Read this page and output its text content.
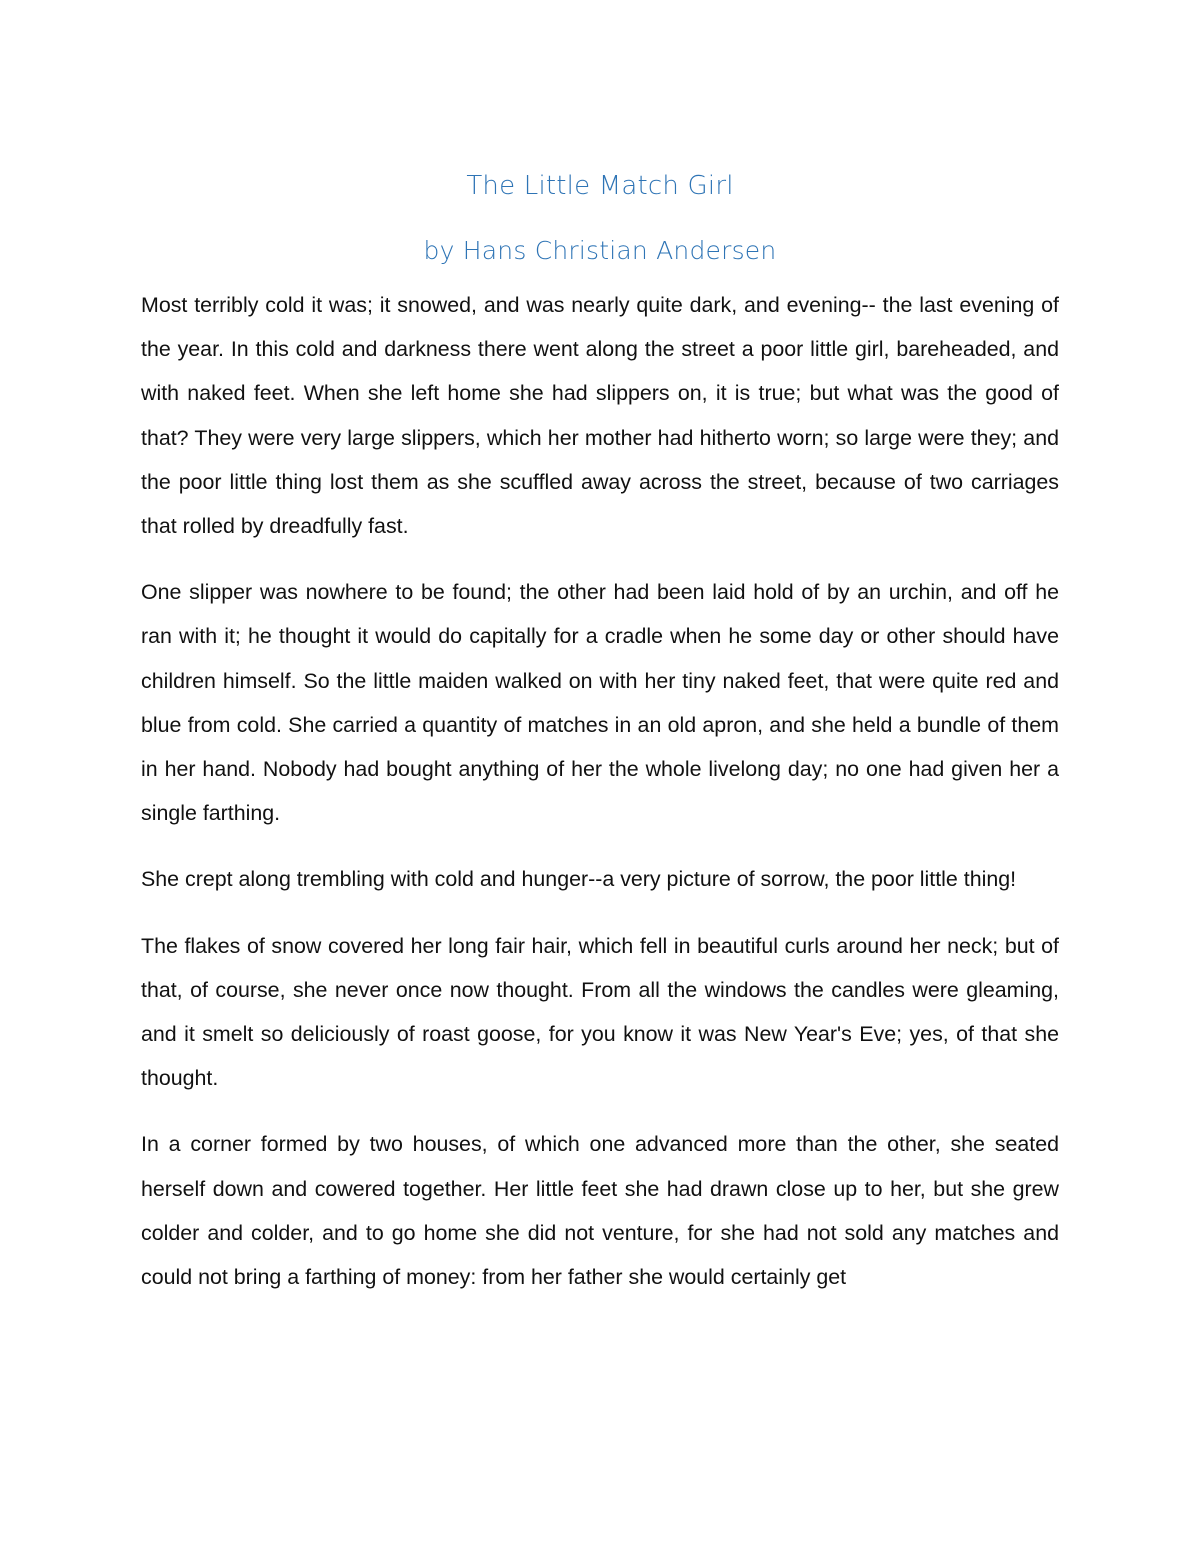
The Little Match Girl
by Hans Christian Andersen

Most terribly cold it was; it snowed, and was nearly quite dark, and evening-- the last evening of the year. In this cold and darkness there went along the street a poor little girl, bareheaded, and with naked feet. When she left home she had slippers on, it is true; but what was the good of that? They were very large slippers, which her mother had hitherto worn; so large were they; and the poor little thing lost them as she scuffled away across the street, because of two carriages that rolled by dreadfully fast.

One slipper was nowhere to be found; the other had been laid hold of by an urchin, and off he ran with it; he thought it would do capitally for a cradle when he some day or other should have children himself. So the little maiden walked on with her tiny naked feet, that were quite red and blue from cold. She carried a quantity of matches in an old apron, and she held a bundle of them in her hand. Nobody had bought anything of her the whole livelong day; no one had given her a single farthing.

She crept along trembling with cold and hunger--a very picture of sorrow, the poor little thing!

The flakes of snow covered her long fair hair, which fell in beautiful curls around her neck; but of that, of course, she never once now thought. From all the windows the candles were gleaming, and it smelt so deliciously of roast goose, for you know it was New Year's Eve; yes, of that she thought.

In a corner formed by two houses, of which one advanced more than the other, she seated herself down and cowered together. Her little feet she had drawn close up to her, but she grew colder and colder, and to go home she did not venture, for she had not sold any matches and could not bring a farthing of money: from her father she would certainly get
